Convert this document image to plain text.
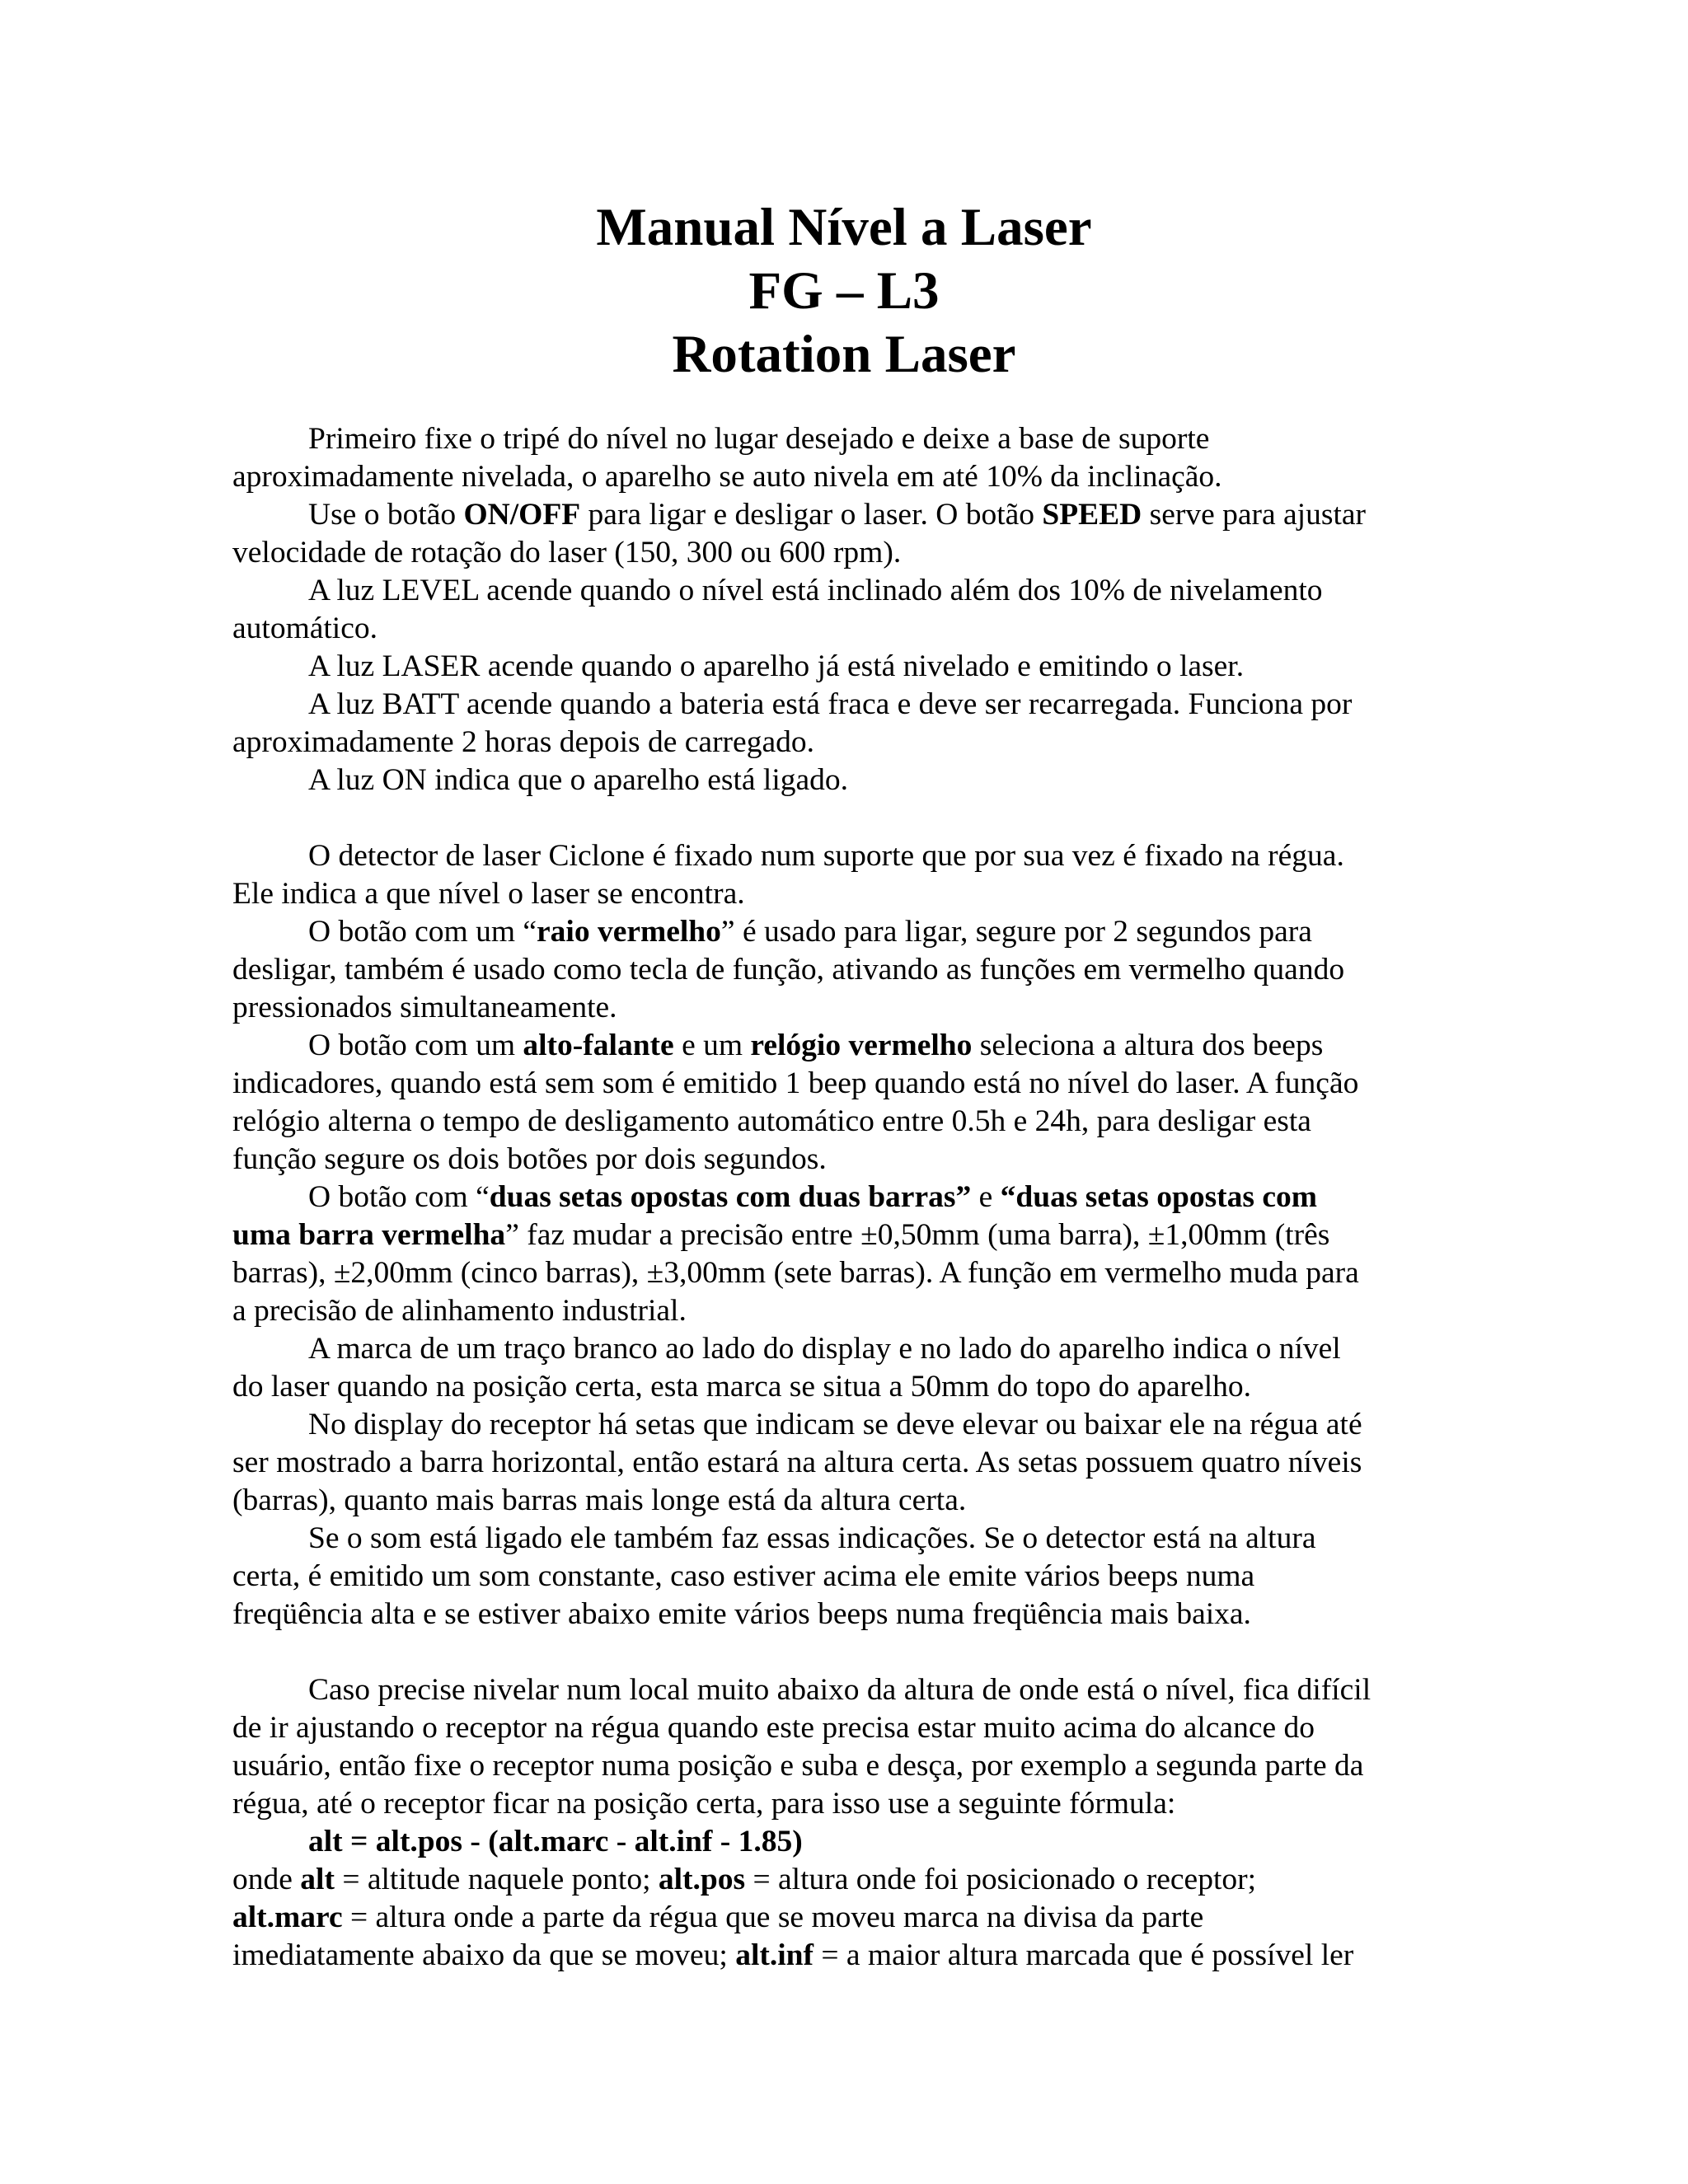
Manual Nível a Laser
FG – L3
Rotation Laser
Primeiro fixe o tripé do nível no lugar desejado e deixe a base de suporte
aproximadamente nivelada, o aparelho se auto nivela em até 10% da inclinação.
Use o botão ON/OFF para ligar e desligar o laser. O botão SPEED serve para ajustar
velocidade de rotação do laser (150, 300 ou 600 rpm).
A luz LEVEL acende quando o nível está inclinado além dos 10% de nivelamento
automático.
A luz LASER acende quando o aparelho já está nivelado e emitindo o laser.
A luz BATT acende quando a bateria está fraca e deve ser recarregada. Funciona por
aproximadamente 2 horas depois de carregado.
A luz ON indica que o aparelho está ligado.
O detector de laser Ciclone é fixado num suporte que por sua vez é fixado na régua.
Ele indica a que nível o laser se encontra.
O botão com um “raio vermelho” é usado para ligar, segure por 2 segundos para
desligar, também é usado como tecla de função, ativando as funções em vermelho quando
pressionados simultaneamente.
O botão com um alto-falante e um relógio vermelho seleciona a altura dos beeps
indicadores, quando está sem som é emitido 1 beep quando está no nível do laser. A função
relógio alterna o tempo de desligamento automático entre 0.5h e 24h, para desligar esta
função segure os dois botões por dois segundos.
O botão com “duas setas opostas com duas barras” e “duas setas opostas com
uma barra vermelha” faz mudar a precisão entre ±0,50mm (uma barra), ±1,00mm (três
barras), ±2,00mm (cinco barras), ±3,00mm (sete barras). A função em vermelho muda para
a precisão de alinhamento industrial.
A marca de um traço branco ao lado do display e no lado do aparelho indica o nível
do laser quando na posição certa, esta marca se situa a 50mm do topo do aparelho.
No display do receptor há setas que indicam se deve elevar ou baixar ele na régua até
ser mostrado a barra horizontal, então estará na altura certa. As setas possuem quatro níveis
(barras), quanto mais barras mais longe está da altura certa.
Se o som está ligado ele também faz essas indicações. Se o detector está na altura
certa, é emitido um som constante, caso estiver acima ele emite vários beeps numa
freqüência alta e se estiver abaixo emite vários beeps numa freqüência mais baixa.
Caso precise nivelar num local muito abaixo da altura de onde está o nível, fica difícil
de ir ajustando o receptor na régua quando este precisa estar muito acima do alcance do
usuário, então fixe o receptor numa posição e suba e desça, por exemplo a segunda parte da
régua, até o receptor ficar na posição certa, para isso use a seguinte fórmula:
alt = alt.pos - (alt.marc - alt.inf - 1.85)
onde alt = altitude naquele ponto; alt.pos = altura onde foi posicionado o receptor;
alt.marc = altura onde a parte da régua que se moveu marca na divisa da parte
imediatamente abaixo da que se moveu; alt.inf = a maior altura marcada que é possível ler
